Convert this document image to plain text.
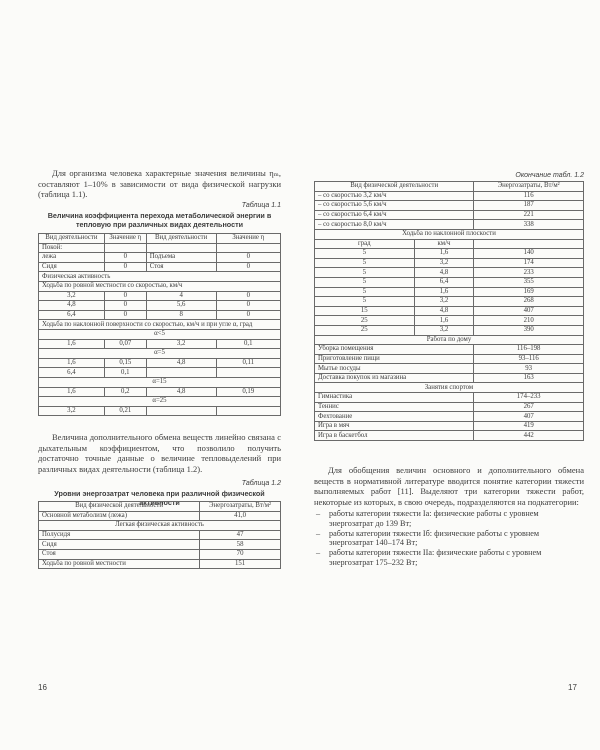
Для организма человека характерные значения величины ηₘ, составляют 1–10% в зависимости от вида физической нагрузки (таблица 1.1).

Таблица 1.1
Величина коэффициента перехода метаболической энергии в тепловую при различных видах деятельности
Вид деятельности	Значение η	Вид деятельности	Значение η
Покой:			
лежа	0	Подъема	0
Сидя	0	Стоя	0
Физическая активность			
Ходьба по ровной местности со скоростью, км/ч			
3,2	0	4	0
4,8	0	5,6	0
6,4	0	8	0
Ходьба по наклонной поверхности со скоростью, км/ч и при угле α, град			
α<5			
1,6	0,07	3,2	0,1
α=5			
1,6	0,15	4,8	0,11
6,4	0,1		
α=15			
1,6	0,2	4,8	0,19
α=25			
3,2	0,21		

Величина дополнительного обмена веществ линейно связана с дыхательным коэффициентом, что позволило получить достаточно точные данные о величине тепловыделений при различных видах деятельности (таблица 1.2).

Таблица 1.2
Уровни энергозатрат человека при различной физической активности
Вид физической деятельности	Энергозатраты, Вт/м²
Основной метаболизм (лежа)	41,0
Легкая физическая активность	
Полусидя	47
Сидя	58
Стоя	70
Ходьба по ровной местности	151
16
Окончание табл. 1.2
Вид физической деятельности		Энергозатраты, Вт/м²
– со скоростью 3,2 км/ч		116
– со скоростью 5,6 км/ч		187
– со скоростью 6,4 км/ч		221
– со скоростью 8,0 км/ч		338
Ходьба по наклонной плоскости		
град	км/ч	
5	1,6	140
5	3,2	174
5	4,8	233
5	6,4	355
5	1,6	169
5	3,2	268
15	4,8	407
25	1,6	210
25	3,2	390
Работа по дому		
Уборка помещения		116–198
Приготовление пищи		93–116
Мытье посуды		93
Доставка покупок из магазина		163
Занятия спортом		
Гимнастика		174–233
Теннис		267
Фехтование		407
Игра в мяч		419
Игра в баскетбол		442

Для обобщения величин основного и дополнительного обмена веществ в нормативной литературе вводится понятие категории тяжести выполняемых работ [11]. Выделяют три категории тяжести работ, некоторые из которых, в свою очередь, подразделяются на подкатегории:

– работы категории тяжести Iа: физические работы с уровнем энергозатрат до 139 Вт;
– работы категории тяжести Iб: физические работы с уровнем энергозатрат 140–174 Вт;
– работы категории тяжести IIа: физические работы с уровнем энергозатрат 175–232 Вт;
17
